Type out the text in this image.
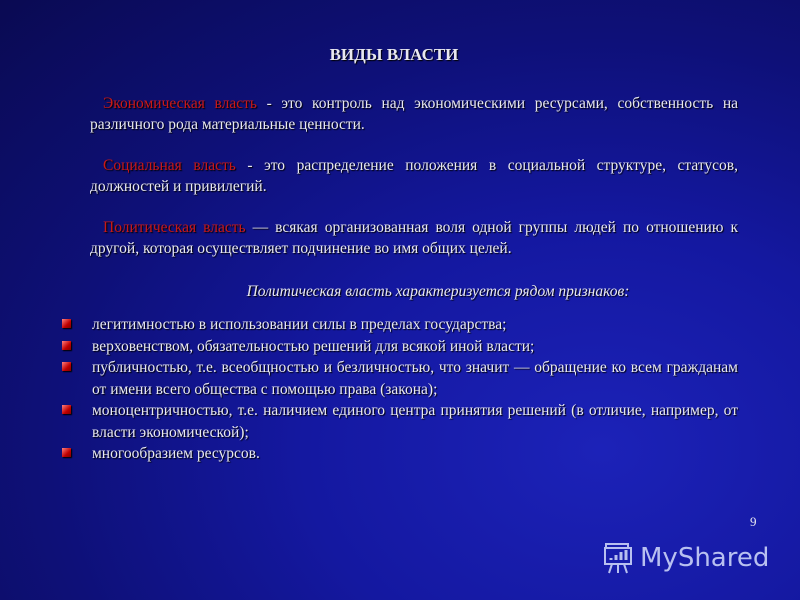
ВИДЫ ВЛАСТИ

Экономическая власть - это контроль над экономическими ресурсами, собственность на различного рода материальные ценности.

Социальная власть - это распределение положения в социальной структуре, статусов, должностей и привилегий.

Политическая власть — всякая организованная воля одной группы людей по отношению к другой, которая осуществляет подчинение во имя общих целей.

Политическая власть характеризуется рядом признаков:
легитимностью в использовании силы в пределах государства;
верховенством, обязательностью решений для всякой иной власти;
публичностью, т.е. всеобщностью и безличностью, что значит — обращение ко всем гражданам от имени всего общества с помощью права (закона);
моноцентричностью, т.е. наличием единого центра принятия решений (в отличие, например, от власти экономической);
многообразием ресурсов.
9
MyShared
